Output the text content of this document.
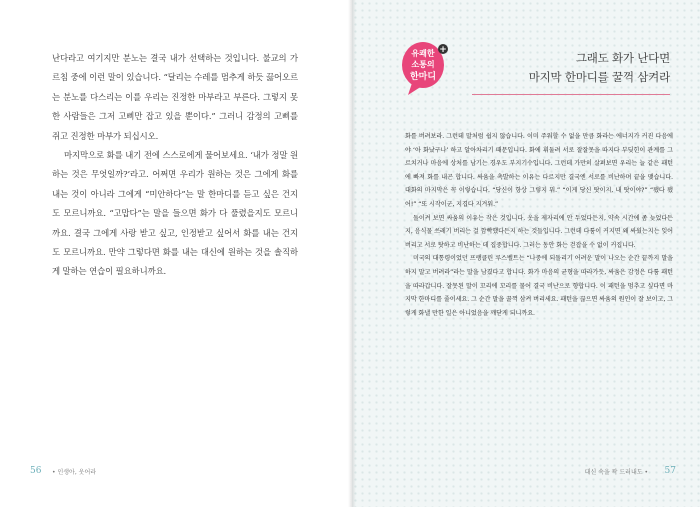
난다라고 여기지만 분노는 결국 내가 선택하는 것입니다. 불교의 가르침 중에 이런 말이 있습니다. “달리는 수레를 멈추게 하듯 끓어오르는 분노를 다스리는 이를 우리는 진정한 마부라고 부른다. 그렇지 못한 사람들은 그저 고삐만 잡고 있을 뿐이다.” 그러니 감정의 고삐를 쥐고 진정한 마부가 되십시오.

마지막으로 화를 내기 전에 스스로에게 물어보세요. ‘내가 정말 원하는 것은 무엇일까?’라고. 어쩌면 우리가 원하는 것은 그에게 화를 내는 것이 아니라 그에게 “미안하다”는 말 한마디를 듣고 싶은 건지도 모르니까요. “고맙다”는 말을 들으면 화가 다 풀렸을지도 모르니까요. 결국 그에게 사랑 받고 싶고, 인정받고 싶어서 화를 내는 건지도 모르니까요. 만약 그렇다면 화를 내는 대신에 원하는 것을 솔직하게 말하는 연습이 필요하니까요.

56 • 인생아, 웃어라
+
유쾌한
소통의
한마디
그래도 화가 난다면
마지막 한마디를 꿀꺽 삼켜라

화를 버려보라. 그런데 말처럼 쉽지 않습니다. 이미 주워할 수 없을 만큼 화라는 에너지가 커진 다음에야 ‘아 화났구나’ 하고 알아차리기 때문입니다. 화에 휘둘려 서로 잘잘못을 따지다 부딪힌이 관계를 그르치거나 마음에 상처를 남기는 경우도 부지기수입니다. 그런데 가만히 살펴보면 우리는 늘 같은 패턴에 빠져 화를 내곤 합니다. 싸움을 촉발하는 이유는 다르지만 결국엔 서로를 비난하며 끝을 맺습니다. 대화의 마지막은 꼭 이렇습니다. “당신이 항상 그렇지 뭐.” “이게 당신 탓이지, 내 탓이야?” “됐다 됐어!” “또 시작이군, 지겹다 지겨워.”

돌이켜 보면 싸움의 이유는 작은 것입니다. 옷을 제자리에 안 두었다든지, 약속 시간에 좀 늦었다든지, 음식물 쓰레기 버리는 걸 깜빡했다든지 하는 것들입니다. 그런데 다툼이 커지면 왜 싸웠는지는 잊어버리고 서로 탓하고 비난하는 데 집중합니다. 그러는 동안 화는 걷잡을 수 없이 커집니다.

미국의 대통령이었던 프랭클린 루스벨트는 “나중에 되돌리기 어려운 말이 나오는 순간 끝까지 말을 하지 말고 버려라”라는 말을 남겼다고 합니다. 화가 마음의 균형을 따라가듯, 싸움은 감정은 다툼 패턴을 따라갑니다. 잘못된 말이 꼬리에 꼬리를 물어 결국 비난으로 향합니다. 이 패턴을 멈추고 싶다면 마지막 한마디를 줄이세요. 그 순간 말을 꿀꺽 삼켜 버리세요. 패턴을 끊으면 싸움의 원인이 잘 보이고, 그렇게 화낼 만한 일은 아니었음을 깨닫게 되니까요.

대신 속을 꽉 드러내도 • 57
